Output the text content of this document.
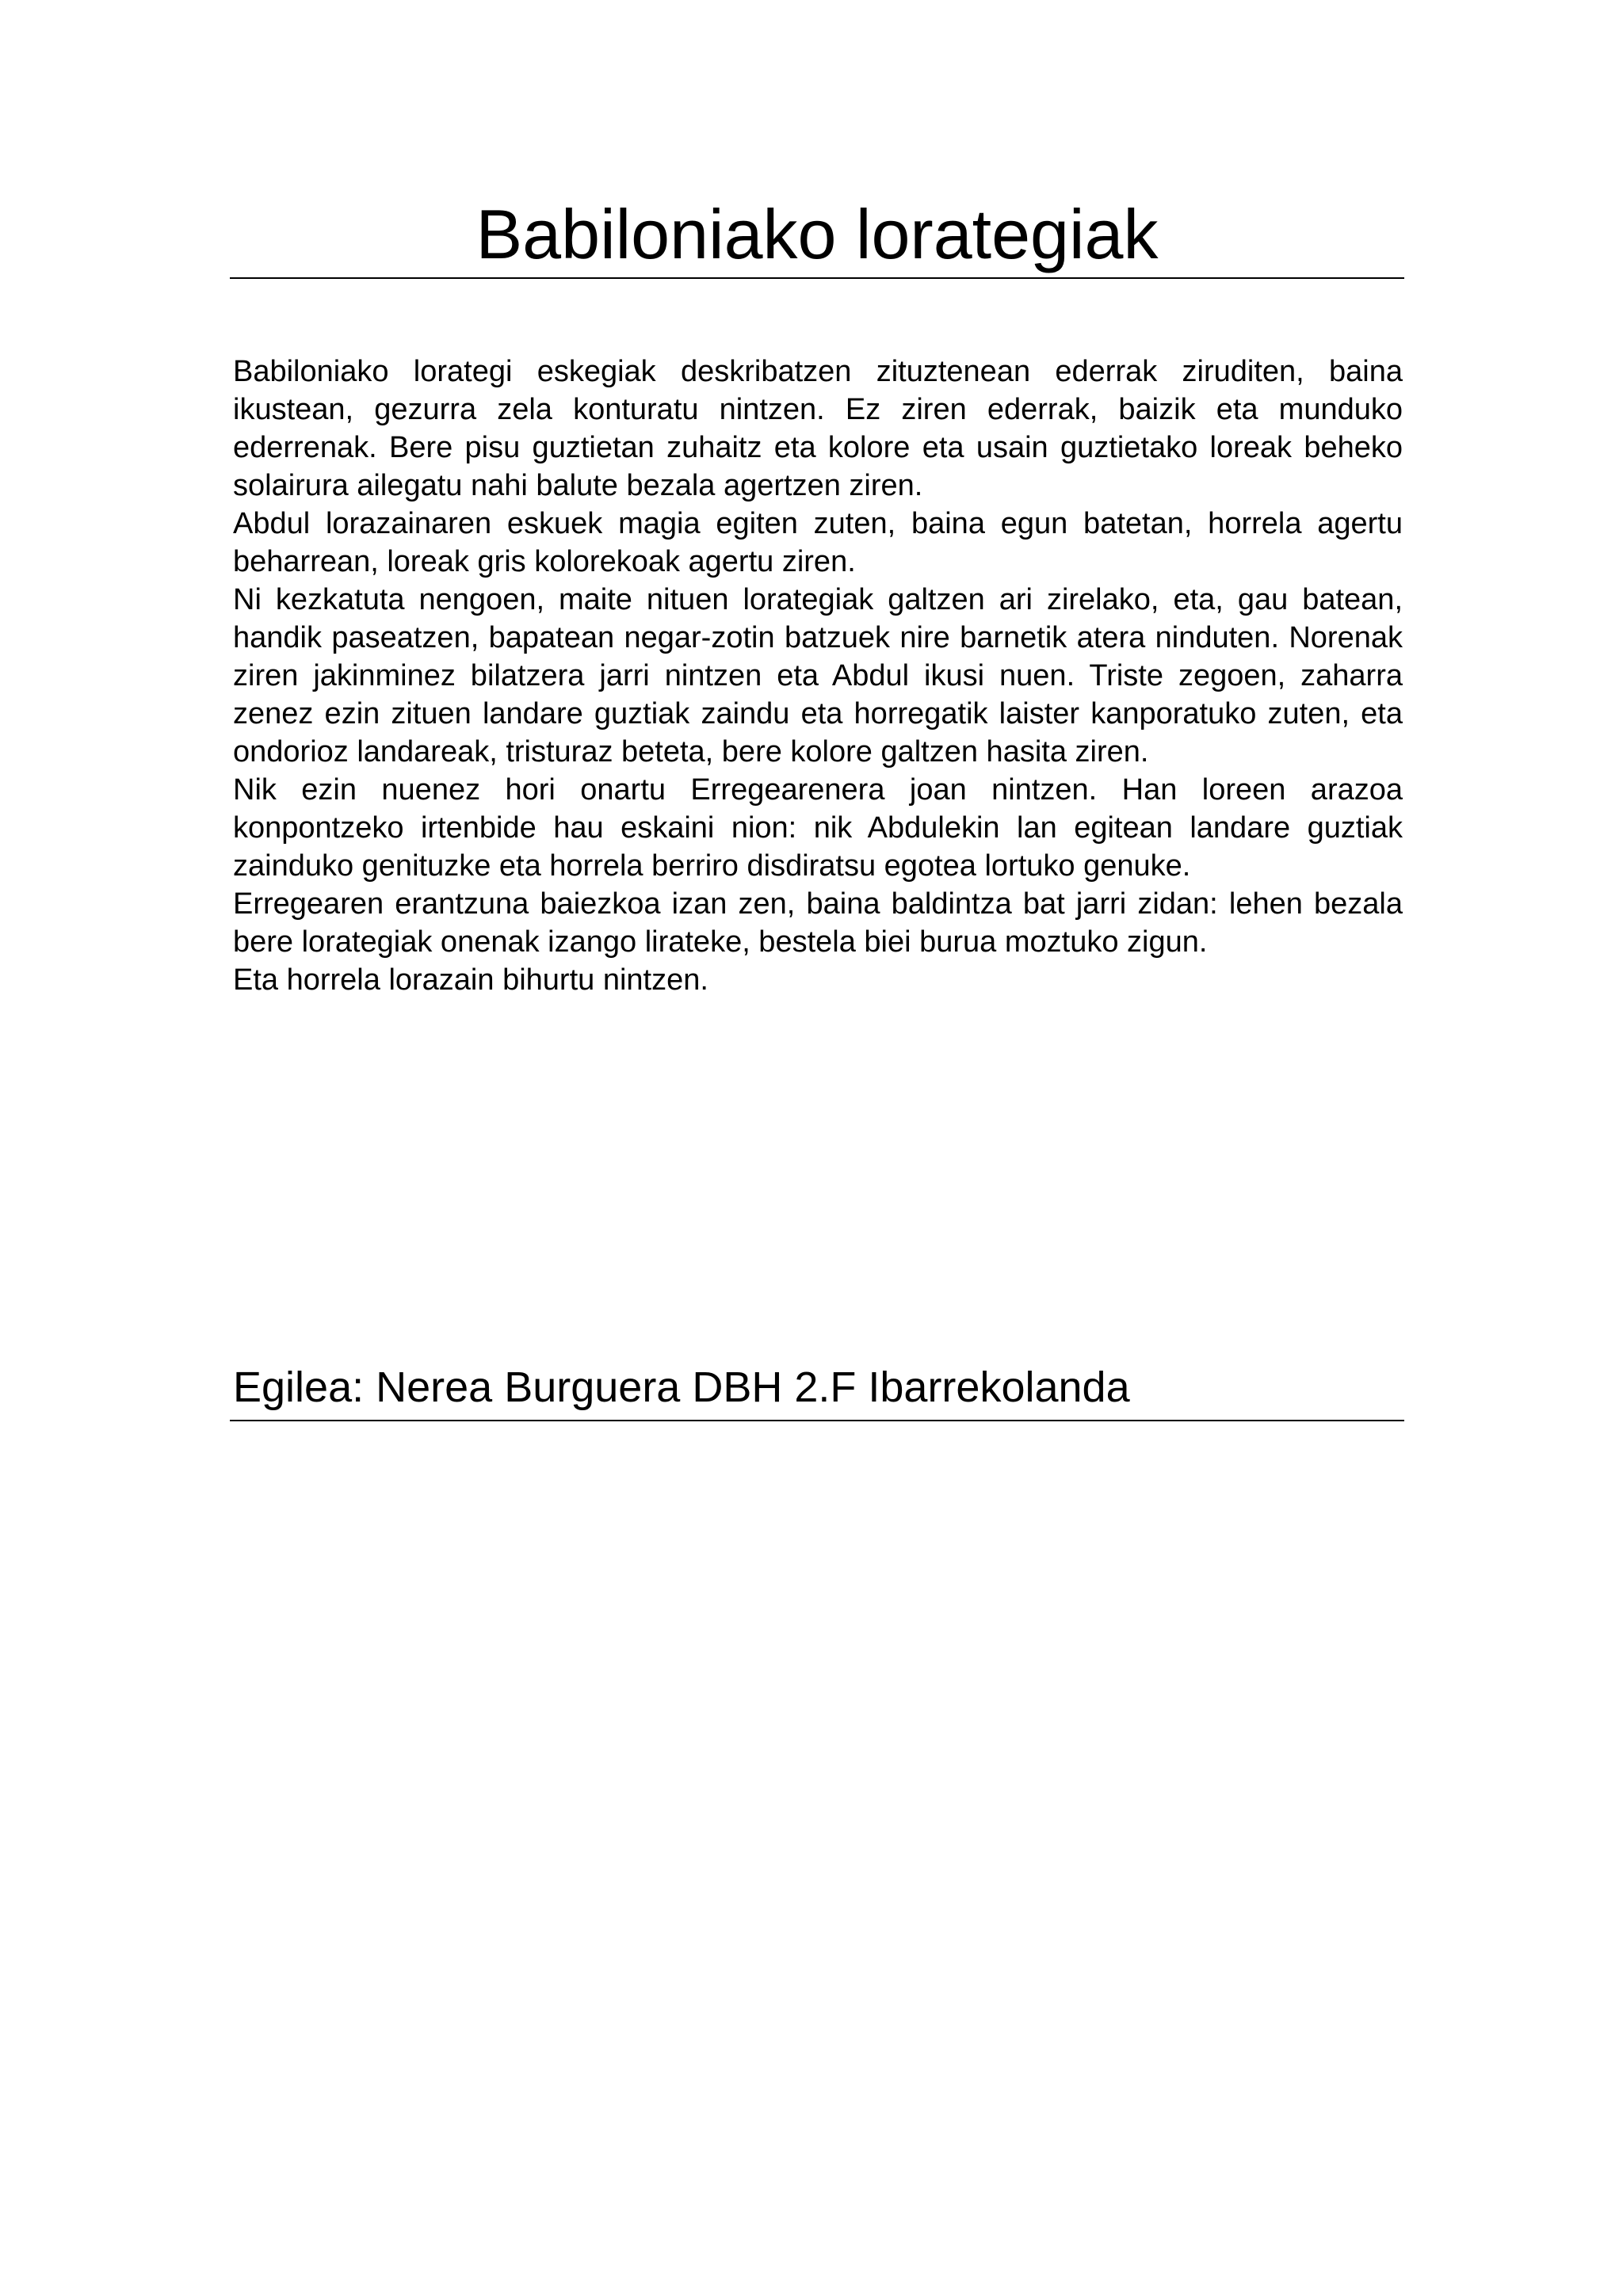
Babiloniako lorategiak

Babiloniako lorategi eskegiak deskribatzen zituztenean ederrak ziruditen, baina ikustean, gezurra zela konturatu nintzen. Ez ziren ederrak, baizik eta munduko ederrenak. Bere pisu guztietan zuhaitz eta kolore eta usain guztietako loreak beheko solairura ailegatu nahi balute bezala agertzen ziren.

Abdul lorazainaren eskuek magia egiten zuten, baina egun batetan, horrela agertu beharrean, loreak gris kolorekoak agertu ziren.

Ni kezkatuta nengoen, maite nituen lorategiak galtzen ari zirelako, eta, gau batean, handik paseatzen, bapatean negar-zotin batzuek nire barnetik atera ninduten. Norenak ziren jakinminez bilatzera jarri nintzen eta Abdul ikusi nuen. Triste zegoen, zaharra zenez ezin zituen landare guztiak zaindu eta horregatik laister kanporatuko zuten, eta ondorioz landareak, tristuraz beteta, bere kolore galtzen hasita ziren.

Nik ezin nuenez hori onartu Erregearenera joan nintzen. Han loreen arazoa konpontzeko irtenbide hau eskaini nion: nik Abdulekin lan egitean landare guztiak zainduko genituzke eta horrela berriro disdiratsu egotea lortuko genuke.

Erregearen erantzuna baiezkoa izan zen, baina baldintza bat jarri zidan: lehen bezala bere lorategiak onenak izango lirateke, bestela biei burua moztuko zigun.

Eta horrela lorazain bihurtu nintzen.

Egilea: Nerea Burguera DBH 2.F Ibarrekolanda
